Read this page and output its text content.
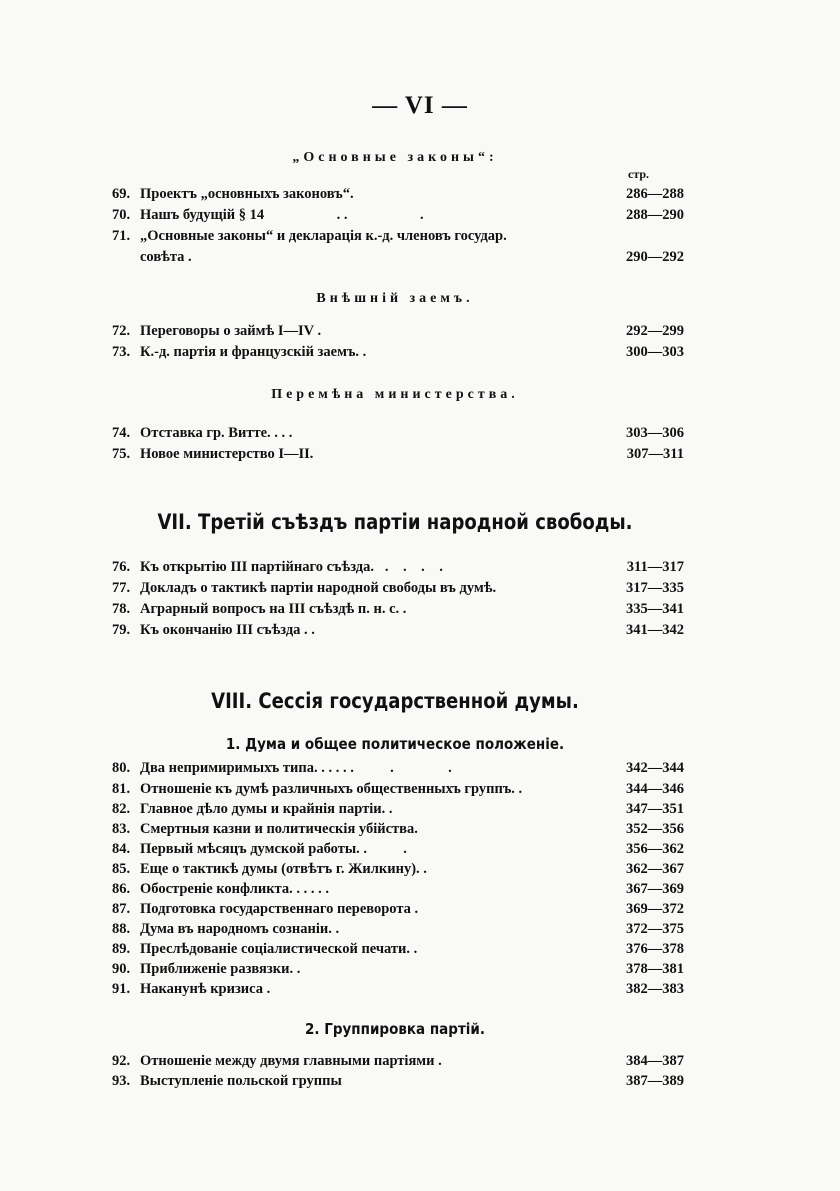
— VI —
„Основные законы“:
стр.
69. Проектъ „основныхъ законовъ“.	286—288
70. Нашъ будущій § 14                    . .                    .	288—290
71. „Основные законы“ и декларація к.-д. членовъ государ.
совѣта .	290—292
Внѣшній заемъ.
72. Переговоры о займѣ I—IV .	292—299
73. К.-д. партія и французскій заемъ. .	300—303
Перемѣна министерства.
74. Отставка гр. Витте. . . .	303—306
75. Новое министерство I—II.	307—311
VII. Третій съѣздъ партіи народной свободы.
76. Къ открытію III партійнаго съѣзда.   .    .    .    .	311—317
77. Докладъ о тактикѣ партіи народной свободы въ думѣ.	317—335
78. Аграрный вопросъ на III съѣздѣ п. н. с. .	335—341
79. Къ окончанію III съѣзда . .	341—342
VIII. Сессія государственной думы.
1. Дума и общее политическое положеніе.
80. Два непримиримыхъ типа. . . . . .          .               .	342—344
81. Отношеніе къ думѣ различныхъ общественныхъ группъ. .	344—346
82. Главное дѣло думы и крайнія партіи. .	347—351
83. Смертныя казни и политическія убійства.	352—356
84. Первый мѣсяцъ думской работы. .          .	356—362
85. Еще о тактикѣ думы (отвѣтъ г. Жилкину). .	362—367
86. Обостреніе конфликта. . . . . .	367—369
87. Подготовка государственнаго переворота .	369—372
88. Дума въ народномъ сознаніи. .	372—375
89. Преслѣдованіе соціалистической печати. .	376—378
90. Приближеніе развязки. .	378—381
91. Наканунѣ кризиса .	382—383
2. Группировка партій.
92. Отношеніе между двумя главными партіями .	384—387
93. Выступленіе польской группы	387—389
